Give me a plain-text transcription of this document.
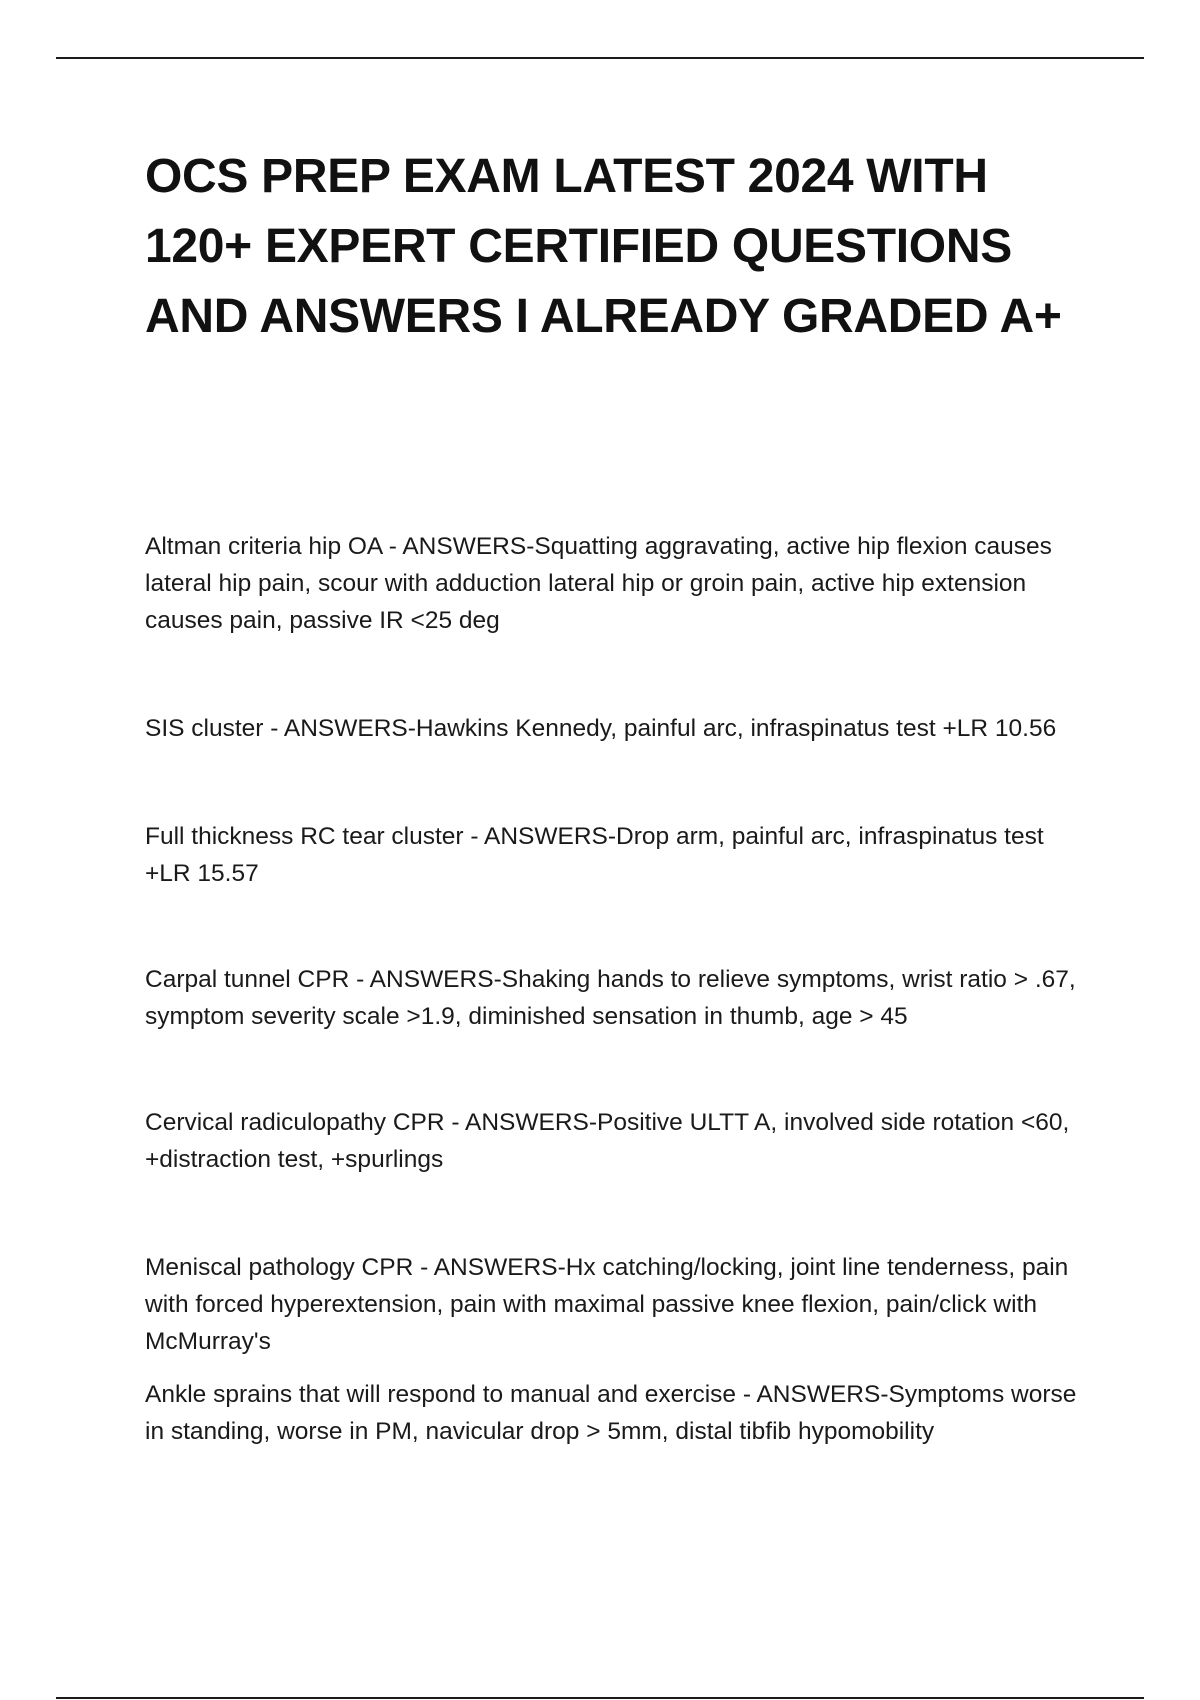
OCS PREP EXAM LATEST 2024 WITH 120+ EXPERT CERTIFIED QUESTIONS AND ANSWERS I ALREADY GRADED A+

Altman criteria hip OA - ANSWERS-Squatting aggravating, active hip flexion causes lateral hip pain, scour with adduction lateral hip or groin pain, active hip extension causes pain, passive IR <25 deg

SIS cluster - ANSWERS-Hawkins Kennedy, painful arc, infraspinatus test +LR 10.56

Full thickness RC tear cluster - ANSWERS-Drop arm, painful arc, infraspinatus test +LR 15.57

Carpal tunnel CPR - ANSWERS-Shaking hands to relieve symptoms, wrist ratio > .67, symptom severity scale >1.9, diminished sensation in thumb, age > 45

Cervical radiculopathy CPR - ANSWERS-Positive ULTT A, involved side rotation <60, +distraction test, +spurlings

Meniscal pathology CPR - ANSWERS-Hx catching/locking, joint line tenderness, pain with forced hyperextension, pain with maximal passive knee flexion, pain/click with McMurray's

Ankle sprains that will respond to manual and exercise - ANSWERS-Symptoms worse in standing, worse in PM, navicular drop > 5mm, distal tibfib hypomobility
